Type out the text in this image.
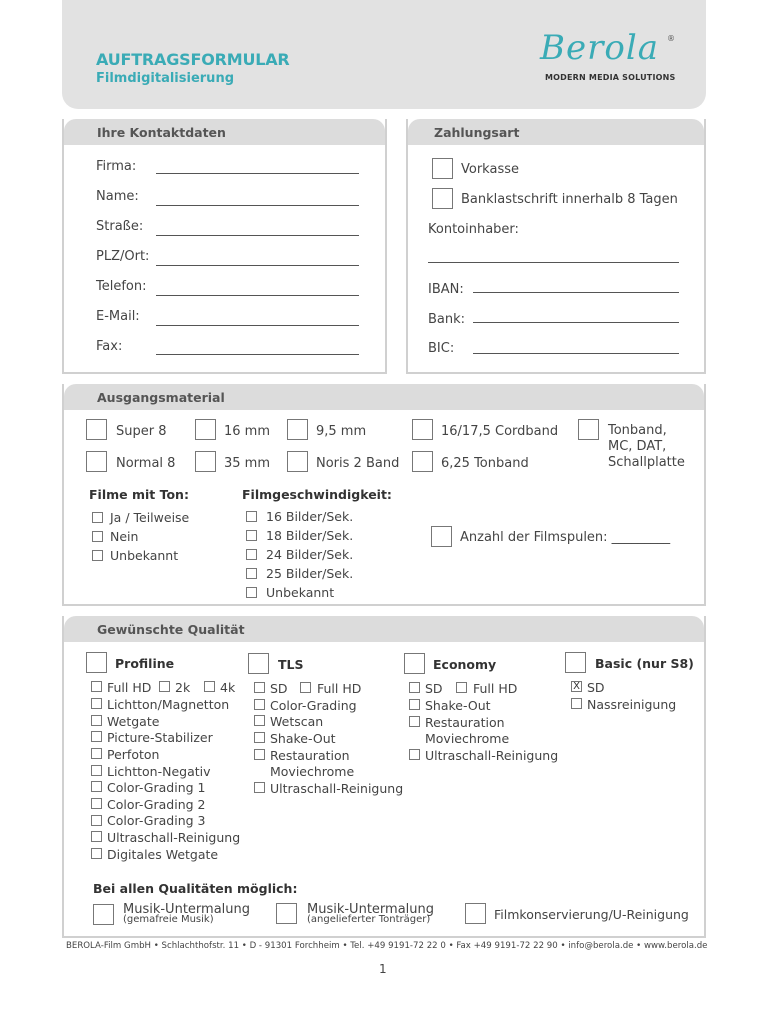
AUFTRAGSFORMULAR
Filmdigitalisierung
Berola ®
MODERN MEDIA SOLUTIONS
Ihre Kontaktdaten
Firma:
Name:
Straße:
PLZ/Ort:
Telefon:
E-Mail:
Fax:
Zahlungsart
Vorkasse
Banklastschrift innerhalb 8 Tagen
Kontoinhaber:
IBAN:
Bank:
BIC:
Ausgangsmaterial
Super 8
Normal 8
16 mm
35 mm
9,5 mm
Noris 2 Band
16/17,5 Cordband
6,25 Tonband
Tonband,
MC, DAT,
Schallplatte
Filme mit Ton:
Ja / Teilweise
Nein
Unbekannt
Filmgeschwindigkeit:
16 Bilder/Sek.
18 Bilder/Sek.
24 Bilder/Sek.
25 Bilder/Sek.
Unbekannt
Anzahl der Filmspulen: _________
Gewünschte Qualität
Profiline
Full HD 2k 4k
Lichtton/Magnetton
Wetgate
Picture-Stabilizer
Perfoton
Lichtton-Negativ
Color-Grading 1
Color-Grading 2
Color-Grading 3
Ultraschall-Reinigung
Digitales Wetgate
TLS
SD Full HD
Color-Grading
Wetscan
Shake-Out
Restauration
Moviechrome
Ultraschall-Reinigung
Economy
SD Full HD
Shake-Out
Restauration
Moviechrome
Ultraschall-Reinigung
Basic (nur S8)
X SD
Nassreinigung
Bei allen Qualitäten möglich:
Musik-Untermalung
(gemafreie Musik)
Musik-Untermalung
(angelieferter Tonträger)	Filmkonservierung/U-Reinigung
BEROLA-Film GmbH • Schlachthofstr. 11 • D - 91301 Forchheim • Tel. +49 9191-72 22 0 • Fax +49 9191-72 22 90 • info@berola.de • www.berola.de
1
